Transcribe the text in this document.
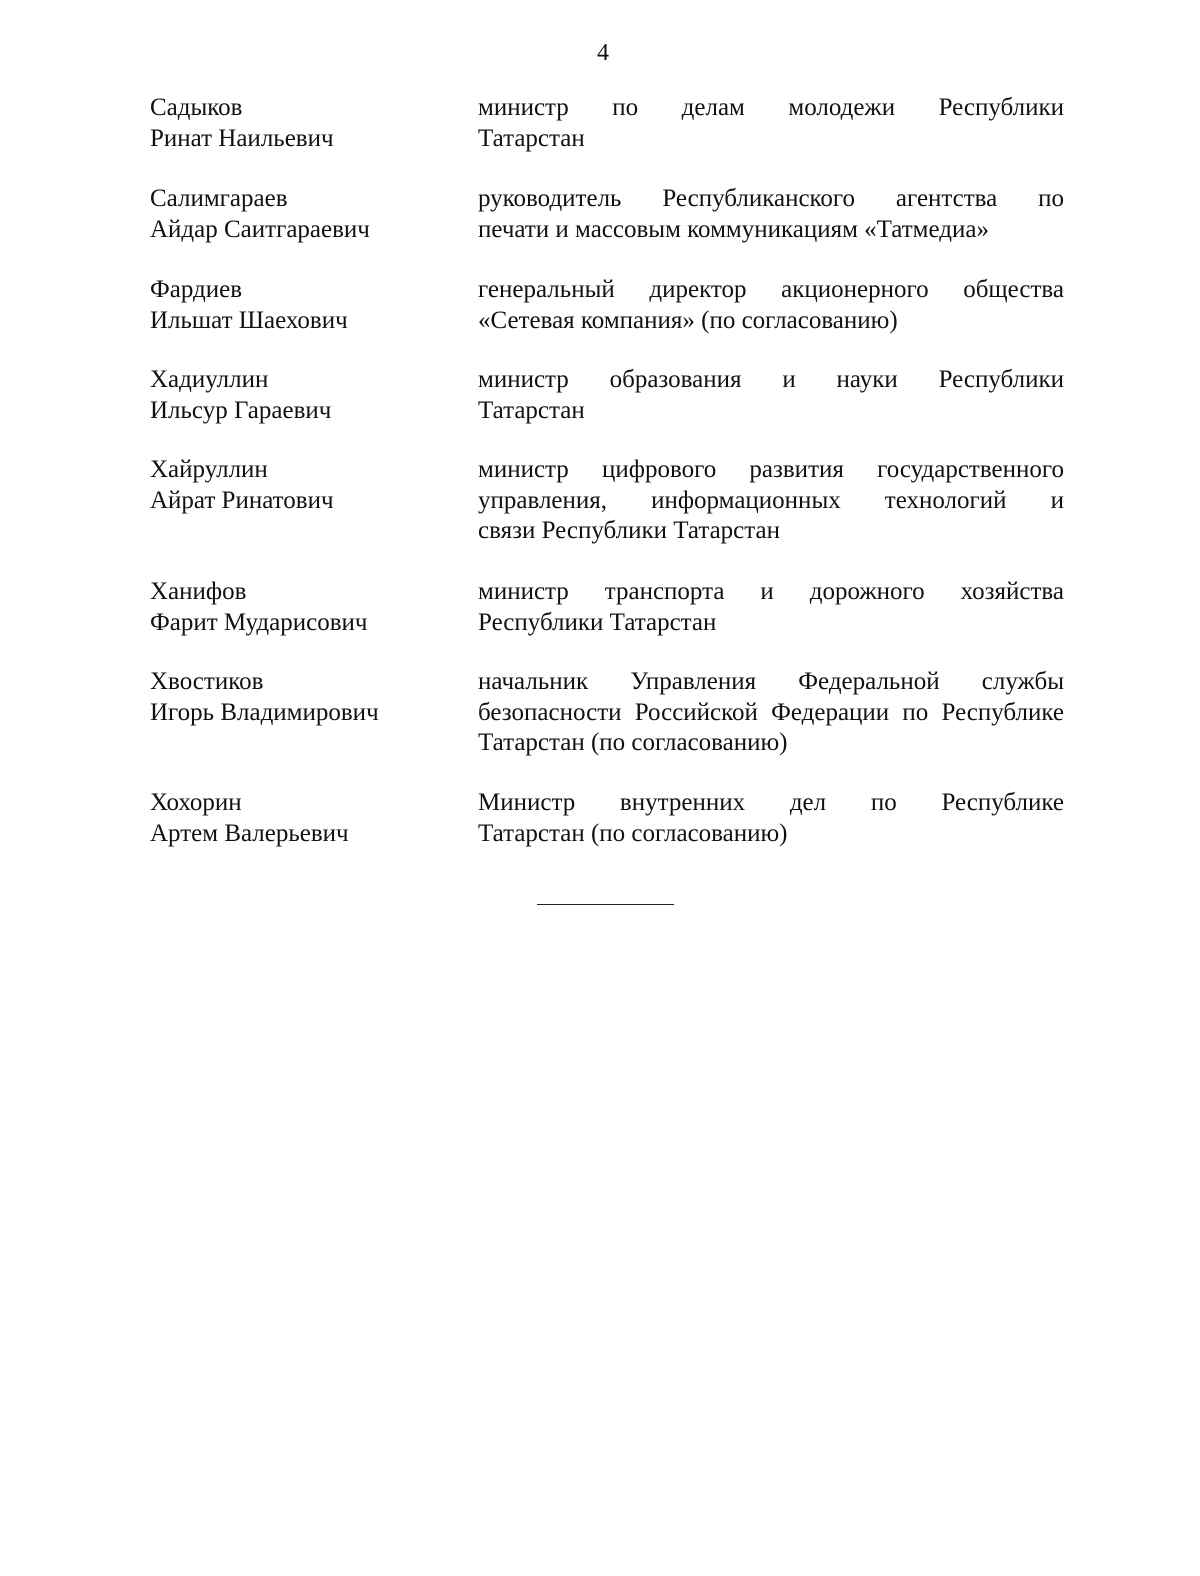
4
Садыков
Ринат Наильевич
министр по делам молодежи Республики
Татарстан
Салимгараев
Айдар Саитгараевич
руководитель Республиканского агентства по
печати и массовым коммуникациям «Татмедиа»
Фардиев
Ильшат Шаехович
генеральный директор акционерного общества
«Сетевая компания» (по согласованию)
Хадиуллин
Ильсур Гараевич
министр образования и науки Республики
Татарстан
Хайруллин
Айрат Ринатович
министр цифрового развития государственного
управления, информационных технологий и
связи Республики Татарстан
Ханифов
Фарит Мударисович
министр транспорта и дорожного хозяйства
Республики Татарстан
Хвостиков
Игорь Владимирович
начальник Управления Федеральной службы
безопасности Российской Федерации по Республике
Татарстан (по согласованию)
Хохорин
Артем Валерьевич
Министр внутренних дел по Республике
Татарстан (по согласованию)
